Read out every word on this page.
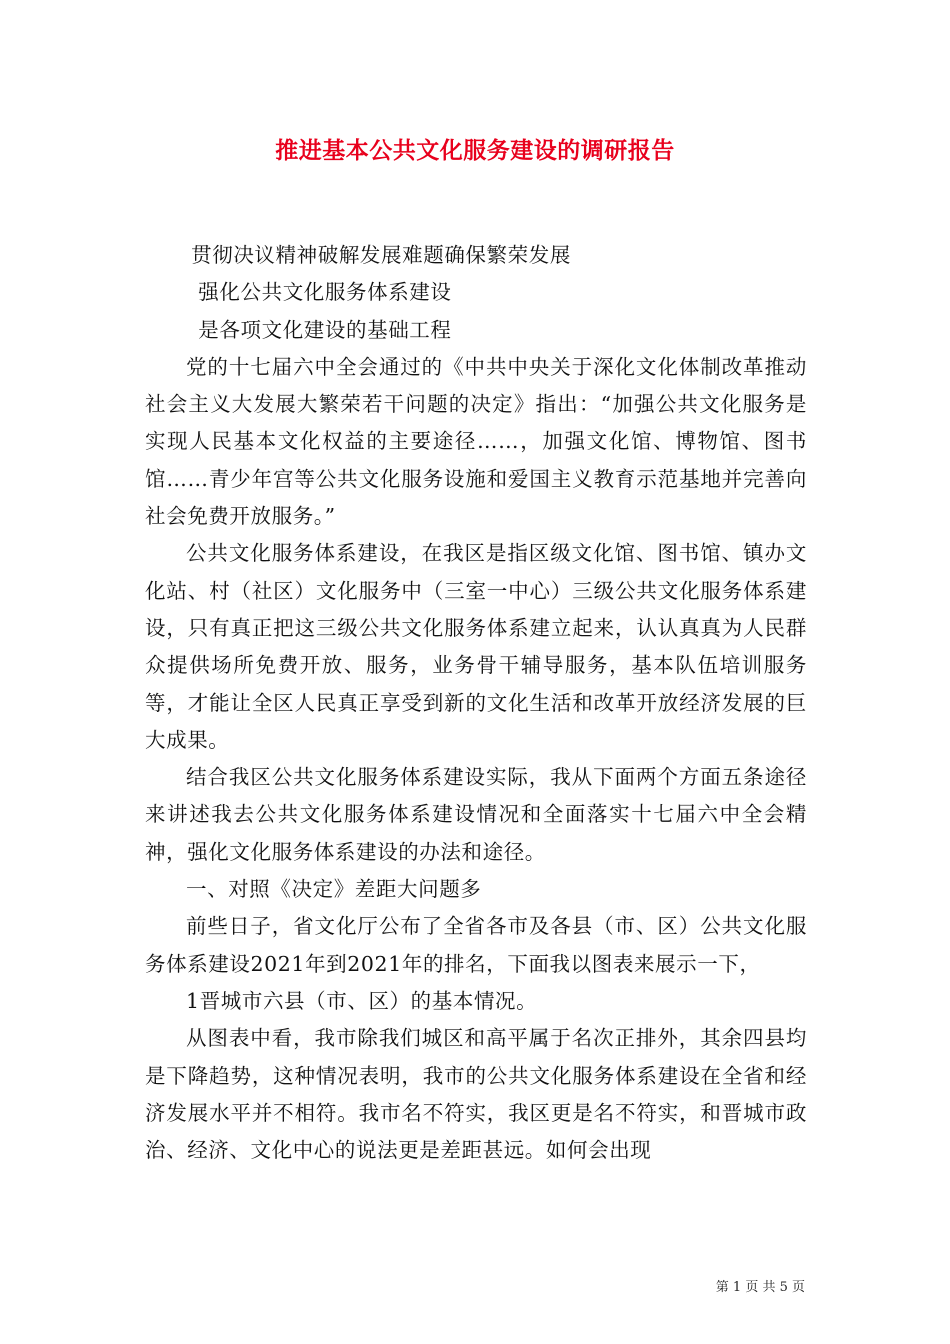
推进基本公共文化服务建设的调研报告

贯彻决议精神破解发展难题确保繁荣发展

强化公共文化服务体系建设

是各项文化建设的基础工程

党的十七届六中全会通过的《中共中央关于深化文化体制改革推动社会主义大发展大繁荣若干问题的决定》指出：“加强公共文化服务是实现人民基本文化权益的主要途径……，加强文化馆、博物馆、图书馆……青少年宫等公共文化服务设施和爱国主义教育示范基地并完善向社会免费开放服务。”

公共文化服务体系建设，在我区是指区级文化馆、图书馆、镇办文化站、村（社区）文化服务中（三室一中心）三级公共文化服务体系建设，只有真正把这三级公共文化服务体系建立起来，认认真真为人民群众提供场所免费开放、服务，业务骨干辅导服务，基本队伍培训服务等，才能让全区人民真正享受到新的文化生活和改革开放经济发展的巨大成果。

结合我区公共文化服务体系建设实际，我从下面两个方面五条途径来讲述我去公共文化服务体系建设情况和全面落实十七届六中全会精神，强化文化服务体系建设的办法和途径。

一、对照《决定》差距大问题多

前些日子，省文化厅公布了全省各市及各县（市、区）公共文化服务体系建设2021年到2021年的排名，下面我以图表来展示一下，

1晋城市六县（市、区）的基本情况。

从图表中看，我市除我们城区和高平属于名次正排外，其余四县均是下降趋势，这种情况表明，我市的公共文化服务体系建设在全省和经济发展水平并不相符。我市名不符实，我区更是名不符实，和晋城市政治、经济、文化中心的说法更是差距甚远。如何会出现

第 1 页 共 5 页
